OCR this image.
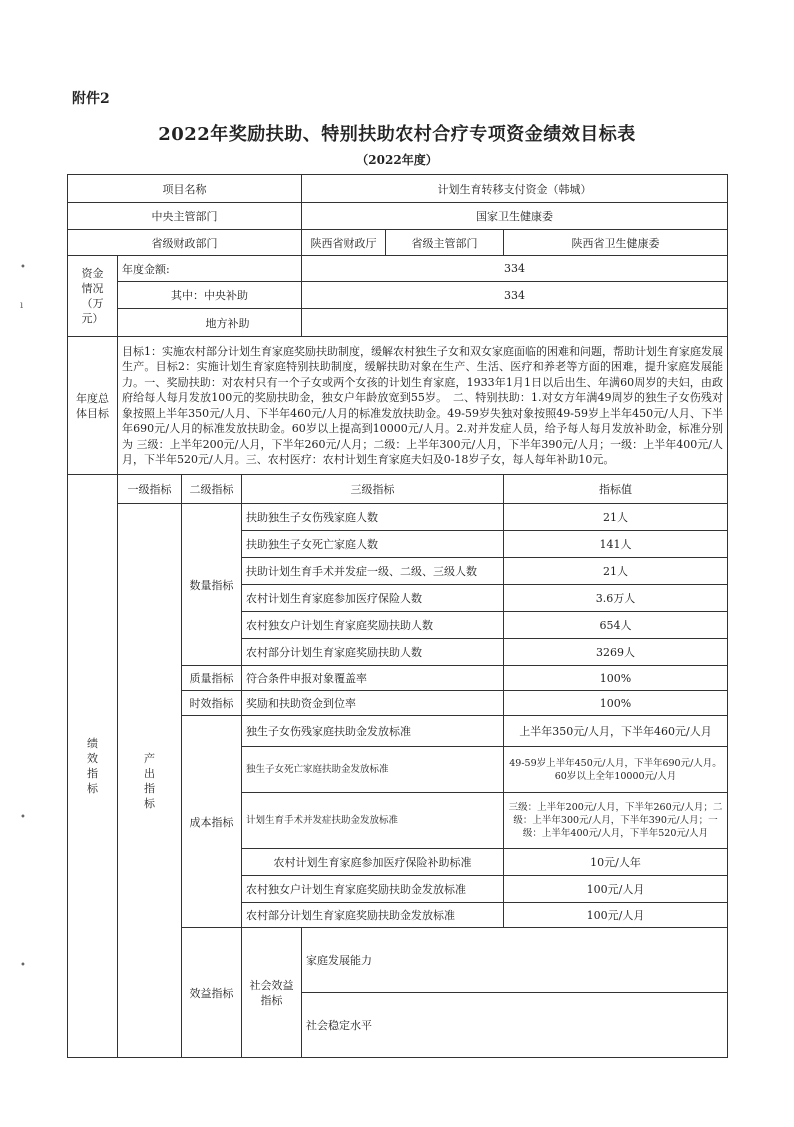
附件2
2022年奖励扶助、特别扶助农村合疗专项资金绩效目标表
（2022年度）
•
ı
•
•
项目名称				计划生育转移支付资金（韩城）			
中央主管部门				国家卫生健康委			
省级财政部门				陕西省财政厅	省级主管部门	陕西省卫生健康委	

资金
情况
（万
元）	年度金额:			334			
	其中：中央补助			334			
	地方补助						

年度总
体目标	目标1：实施农村部分计划生育家庭奖励扶助制度，缓解农村独生子女和双女家庭面临的困难和问题，帮助计划生育家庭发展生产。目标2：实施计划生育家庭特别扶助制度，缓解扶助对象在生产、生活、医疗和养老等方面的困难，提升家庭发展能力。一、奖励扶助：对农村只有一个子女或两个女孩的计划生育家庭，1933年1月1日以后出生、年满60周岁的夫妇，由政府给每人每月发放100元的奖励扶助金，独女户年龄放宽到55岁。　二、特别扶助：1.对女方年满49周岁的独生子女伤残对象按照上半年350元/人月、下半年460元/人月的标准发放扶助金。49-59岁失独对象按照49-59岁上半年450元/人月、下半年690元/人月的标准发放扶助金。60岁以上提高到10000元/人月。2.对并发症人员，给予每人每月发放补助金，标准分别为 三级：上半年200元/人月，下半年260元/人月；二级：上半年300元/人月，下半年390元/人月；一级：上半年400元/人月，下半年520元/人月。三、农村医疗：农村计划生育家庭夫妇及0-18岁子女，每人每年补助10元。						

绩
效
指
标	一级指标	二级指标	三级指标			指标值	

	产
出
指
标	数量指标	扶助独生子女伤残家庭人数			21人	
			扶助独生子女死亡家庭人数			141人	
			扶助计划生育手术并发症一级、二级、三级人数			21人	
			农村计划生育家庭参加医疗保险人数			3.6万人	
			农村独女户计划生育家庭奖励扶助人数			654人	
			农村部分计划生育家庭奖励扶助人数			3269人	
		质量指标	符合条件申报对象覆盖率			100%	
		时效指标	奖励和扶助资金到位率			100%	
		成本指标	独生子女伤残家庭扶助金发放标准			上半年350元/人月，下半年460元/人月	
			独生子女死亡家庭扶助金发放标准			49-59岁上半年450元/人月，下半年690元/人月。60岁以上全年10000元/人月	
			计划生育手术并发症扶助金发放标准			三级：上半年200元/人月，下半年260元/人月；二级：上半年300元/人月，下半年390元/人月；一级：上半年400元/人月，下半年520元/人月	
			农村计划生育家庭参加医疗保险补助标准			10元/人年	
			农村独女户计划生育家庭奖励扶助金发放标准			100元/人月	
			农村部分计划生育家庭奖励扶助金发放标准			100元/人月	
		效益指标	社会效益指标	家庭发展能力	
				社会稳定水平	
